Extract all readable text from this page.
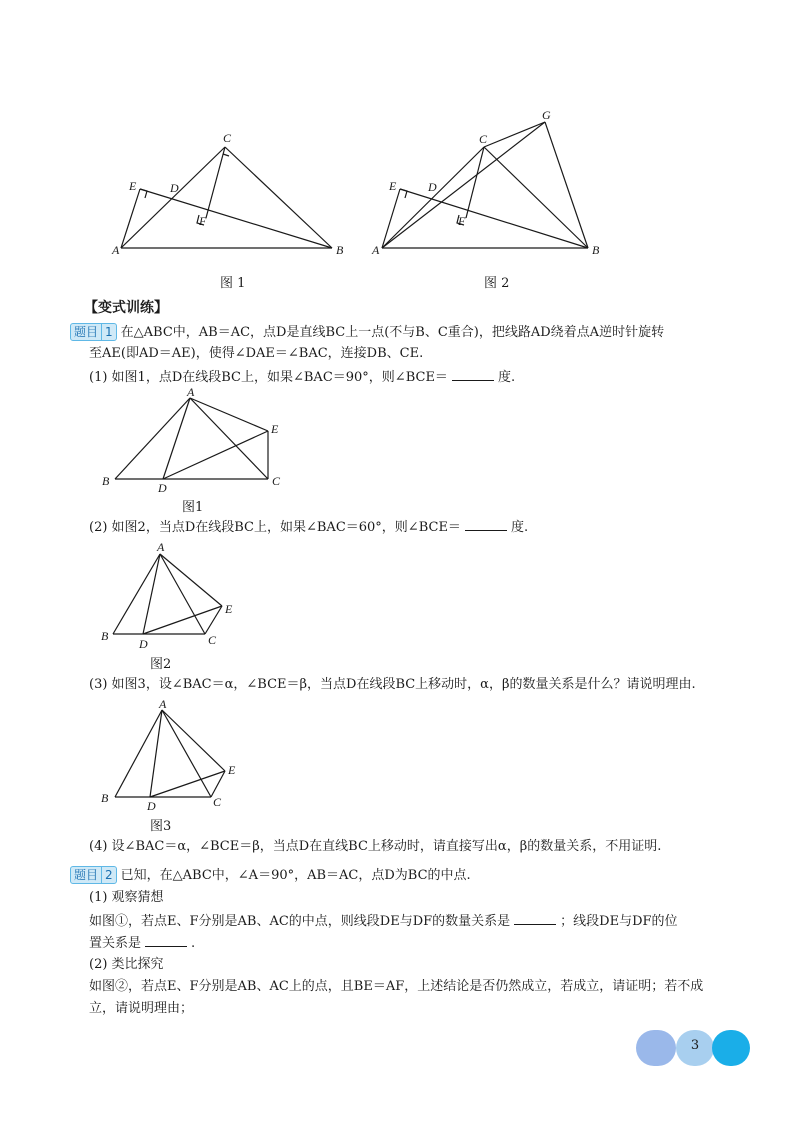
A	B
C
D
E
F
图 1
A	B
C
D
E
F
G
图 2
【变式训练】
题目 1 在△ABC中，AB＝AC，点D是直线BC上一点(不与B、C重合)，把线路AD绕着点A逆时针旋转
至AE(即AD＝AE)，使得∠DAE＝∠BAC，连接DB、CE.
(1) 如图1，点D在线段BC上，如果∠BAC＝90°，则∠BCE＝	度.
A
B	C
D
E
图1
(2) 如图2，当点D在线段BC上，如果∠BAC＝60°，则∠BCE＝	度.
A
B	C
D
E
图2
(3) 如图3，设∠BAC＝α，∠BCE＝β，当点D在线段BC上移动时，α，β的数量关系是什么？请说明理由.
A
B	C
D
E
图3
(4) 设∠BAC＝α，∠BCE＝β，当点D在直线BC上移动时，请直接写出α，β的数量关系，不用证明.
题目 2 已知，在△ABC中，∠A＝90°，AB＝AC，点D为BC的中点.
(1) 观察猜想
如图①，若点E、F分别是AB、AC的中点，则线段DE与DF的数量关系是	；线段DE与DF的位
置关系是	.
(2) 类比探究
如图②，若点E、F分别是AB、AC上的点，且BE＝AF，上述结论是否仍然成立，若成立，请证明；若不成
立，请说明理由；
3
